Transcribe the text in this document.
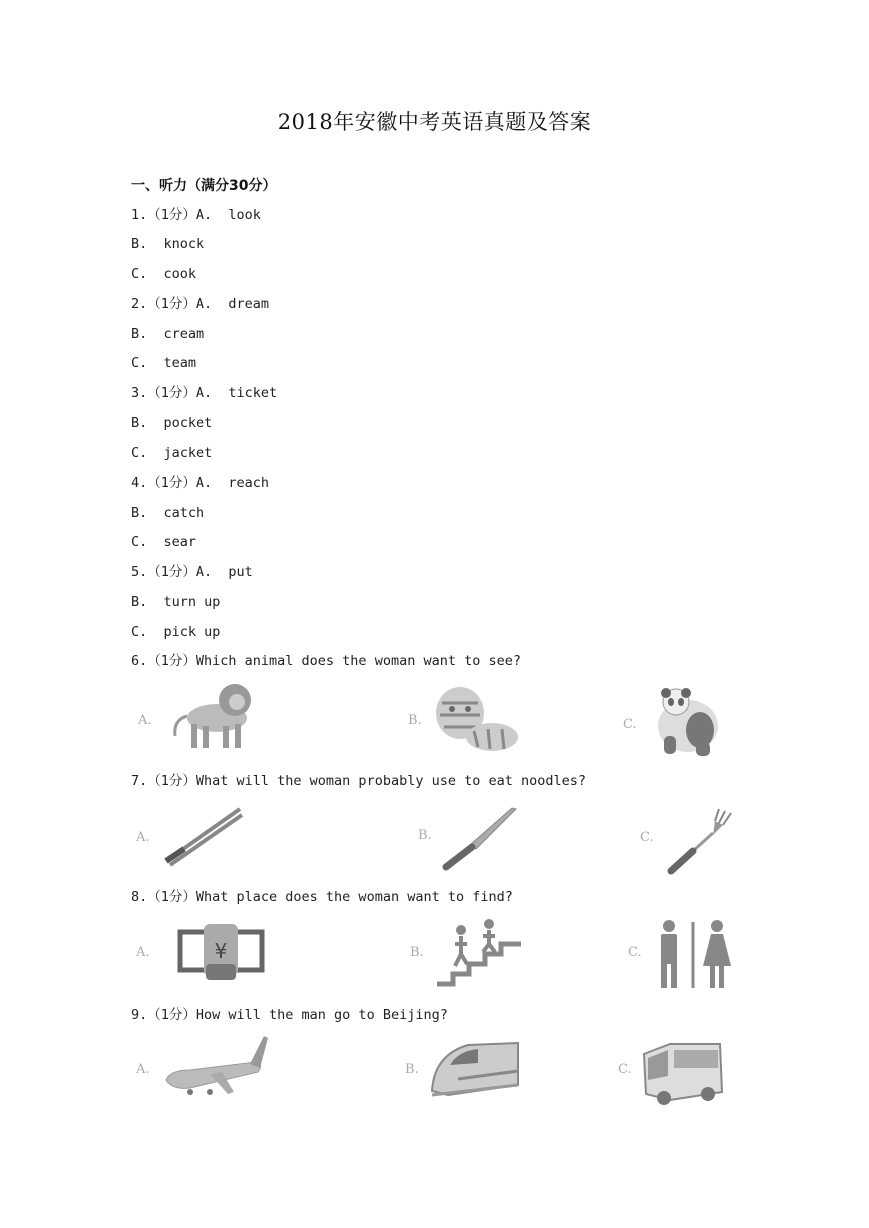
2018年安徽中考英语真题及答案
一、听力（满分30分）
1.（1分）A.  look
B.  knock
C.  cook
2.（1分）A.  dream
B.  cream
C.  team
3.（1分）A.  ticket
B.  pocket
C.  jacket
4.（1分）A.  reach
B.  catch
C.  sear
5.（1分）A.  put
B.  turn up
C.  pick up
6.（1分）Which animal does the woman want to see?
A.	B.	C.
7.（1分）What will the woman probably use to eat noodles?
A.	B.	C.
8.（1分）What place does the woman want to find?
A.	¥	B.	C.
9.（1分）How will the man go to Beijing?
A.	B.	C.
